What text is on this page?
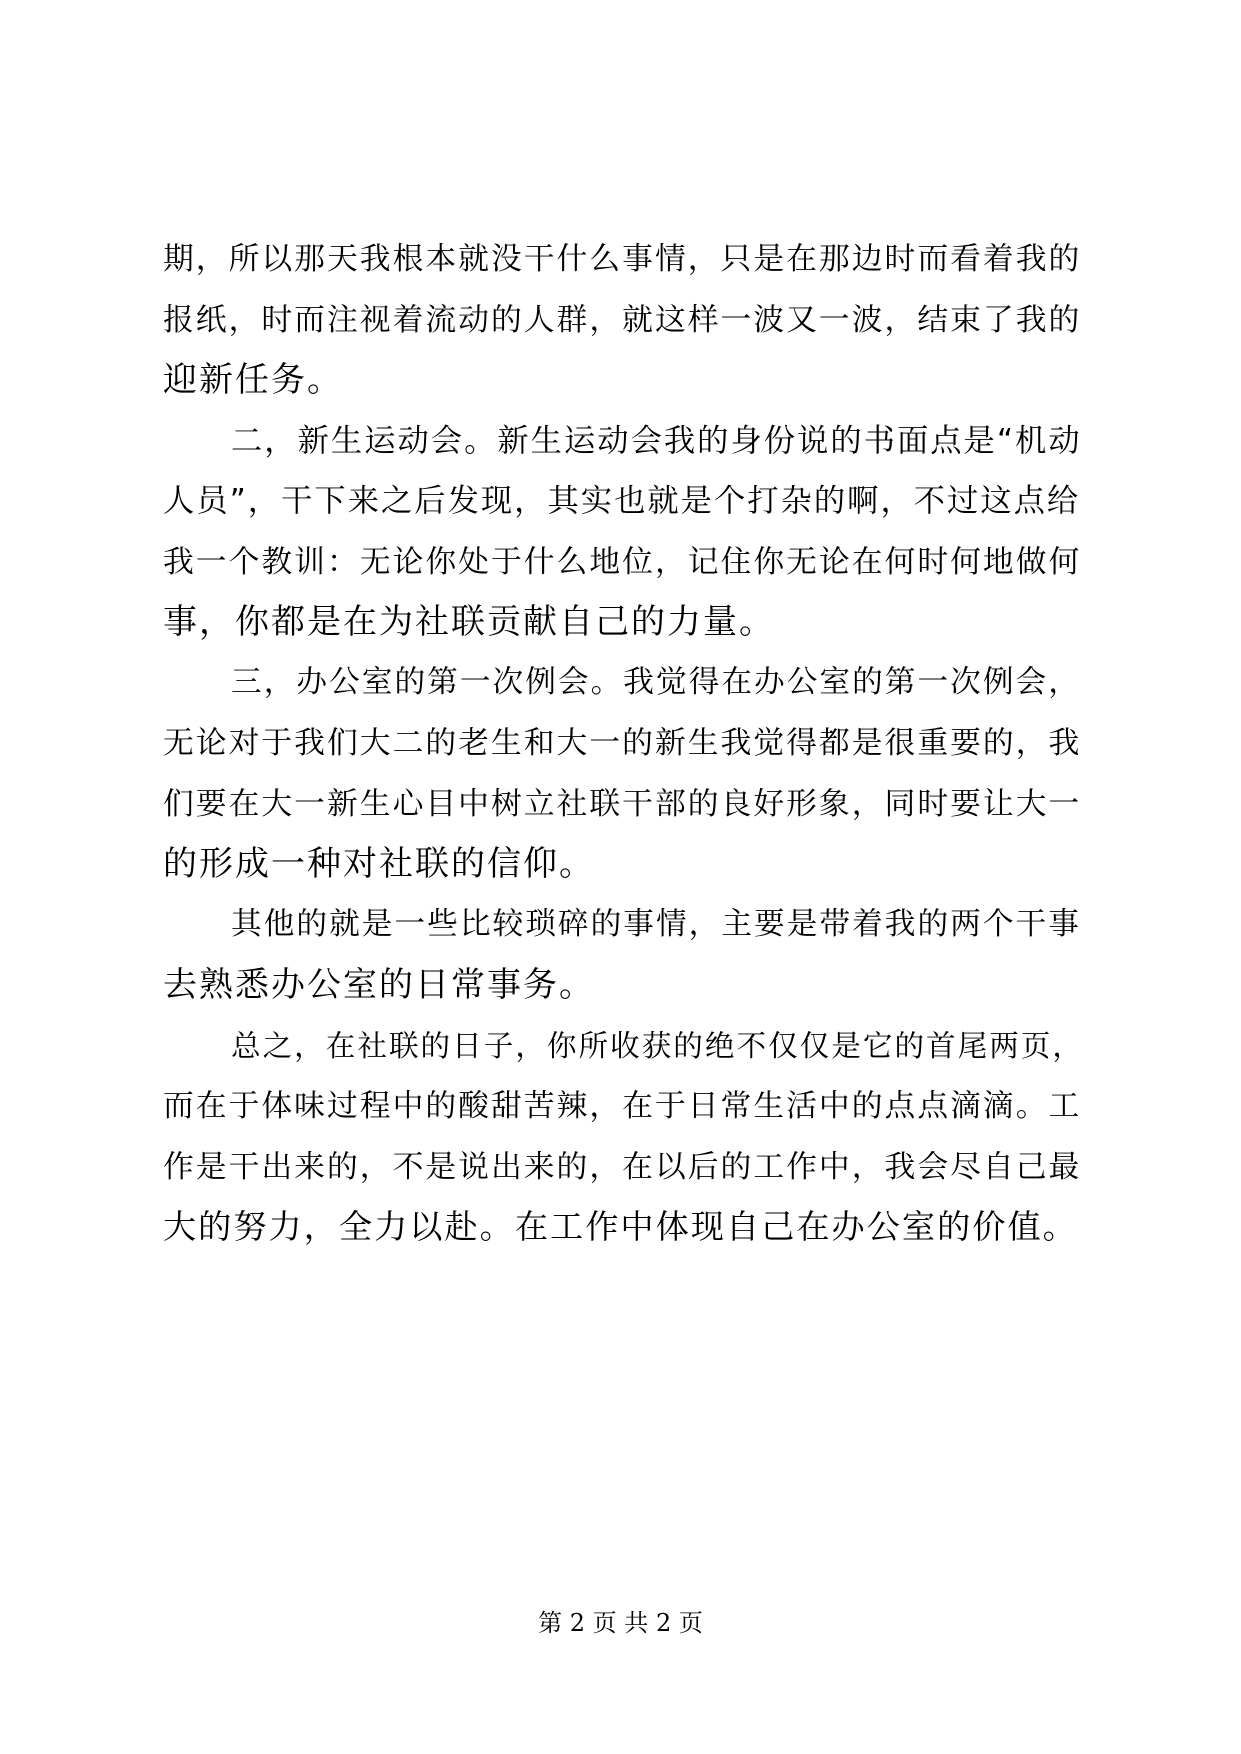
期，所以那天我根本就没干什么事情，只是在那边时而看着我的
报纸，时而注视着流动的人群，就这样一波又一波，结束了我的
迎新任务。
二，新生运动会。新生运动会我的身份说的书面点是“机动
人员”，干下来之后发现，其实也就是个打杂的啊，不过这点给
我一个教训：无论你处于什么地位，记住你无论在何时何地做何
事，你都是在为社联贡献自己的力量。
三，办公室的第一次例会。我觉得在办公室的第一次例会，
无论对于我们大二的老生和大一的新生我觉得都是很重要的，我
们要在大一新生心目中树立社联干部的良好形象，同时要让大一
的形成一种对社联的信仰。
其他的就是一些比较琐碎的事情，主要是带着我的两个干事
去熟悉办公室的日常事务。
总之，在社联的日子，你所收获的绝不仅仅是它的首尾两页，
而在于体味过程中的酸甜苦辣，在于日常生活中的点点滴滴。工
作是干出来的，不是说出来的，在以后的工作中，我会尽自己最
大的努力，全力以赴。在工作中体现自己在办公室的价值。
第 2 页 共 2 页
